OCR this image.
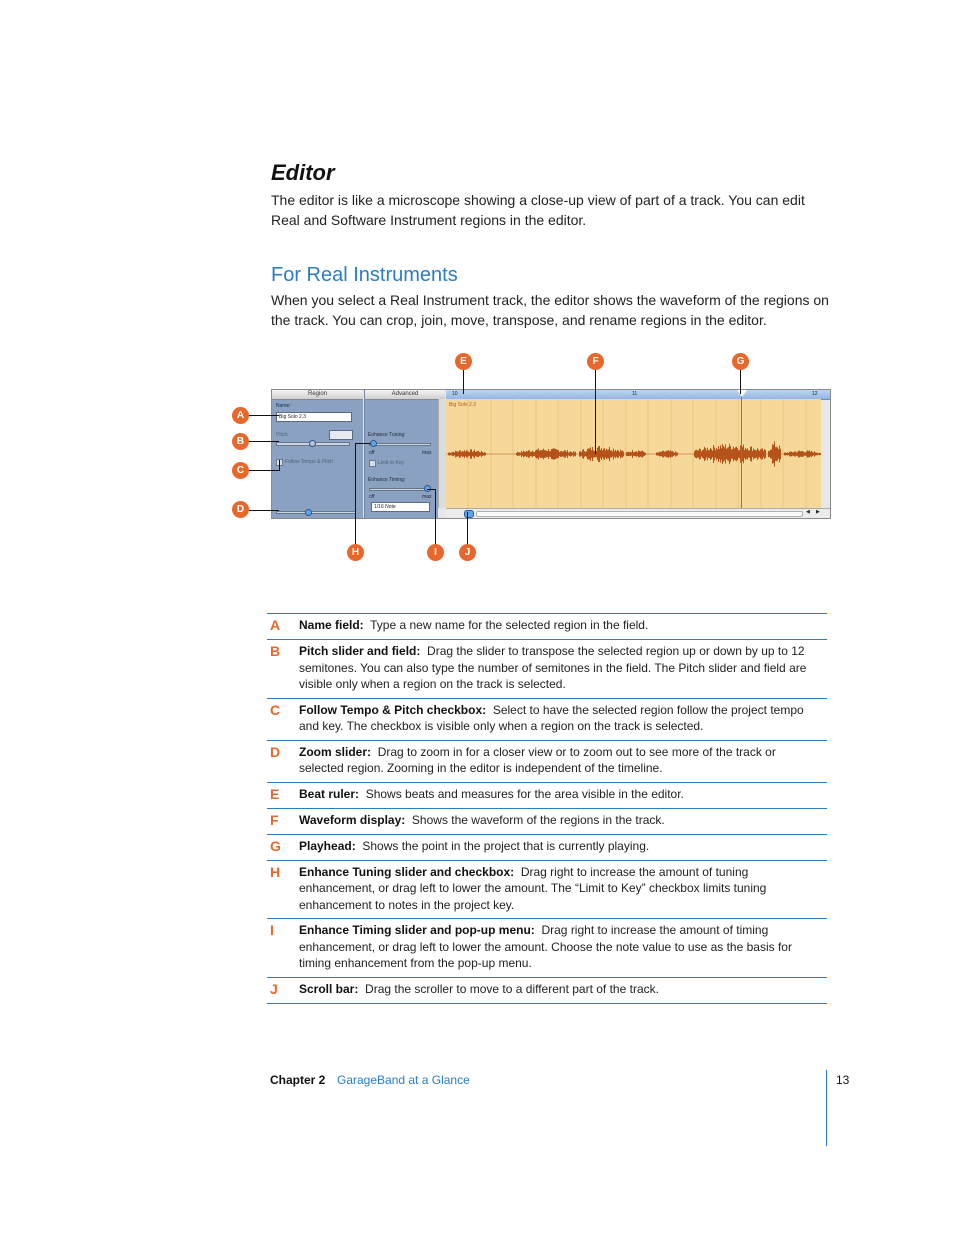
Editor

The editor is like a microscope showing a close-up view of part of a track. You can edit Real and Software Instrument regions in the editor.

For Real Instruments

When you select a Real Instrument track, the editor shows the waveform of the regions on the track. You can crop, join, move, transpose, and rename regions in the editor.

Region
Name:
Big Solo 2.3
Pitch:
Follow Tempo & Pitch
Advanced
Enhance Tuning:
off	max
Limit to Key
Enhance Timing:
off	max
1/16 Note
10	11	12
Big Solo 2.3
◀ ▶
A
B
C
D
E	F	G
H	I	J
A	Name field: Type a new name for the selected region in the field.
B	Pitch slider and field: Drag the slider to transpose the selected region up or down by up to 12 semitones. You can also type the number of semitones in the field. The Pitch slider and field are visible only when a region on the track is selected.
C	Follow Tempo & Pitch checkbox: Select to have the selected region follow the project tempo and key. The checkbox is visible only when a region on the track is selected.
D	Zoom slider: Drag to zoom in for a closer view or to zoom out to see more of the track or selected region. Zooming in the editor is independent of the timeline.
E	Beat ruler: Shows beats and measures for the area visible in the editor.
F	Waveform display: Shows the waveform of the regions in the track.
G	Playhead: Shows the point in the project that is currently playing.
H	Enhance Tuning slider and checkbox: Drag right to increase the amount of tuning enhancement, or drag left to lower the amount. The “Limit to Key” checkbox limits tuning enhancement to notes in the project key.
I	Enhance Timing slider and pop-up menu: Drag right to increase the amount of timing enhancement, or drag left to lower the amount. Choose the note value to use as the basis for timing enhancement from the pop-up menu.
J	Scroll bar: Drag the scroller to move to a different part of the track.
Chapter 2 GarageBand at a Glance	13
